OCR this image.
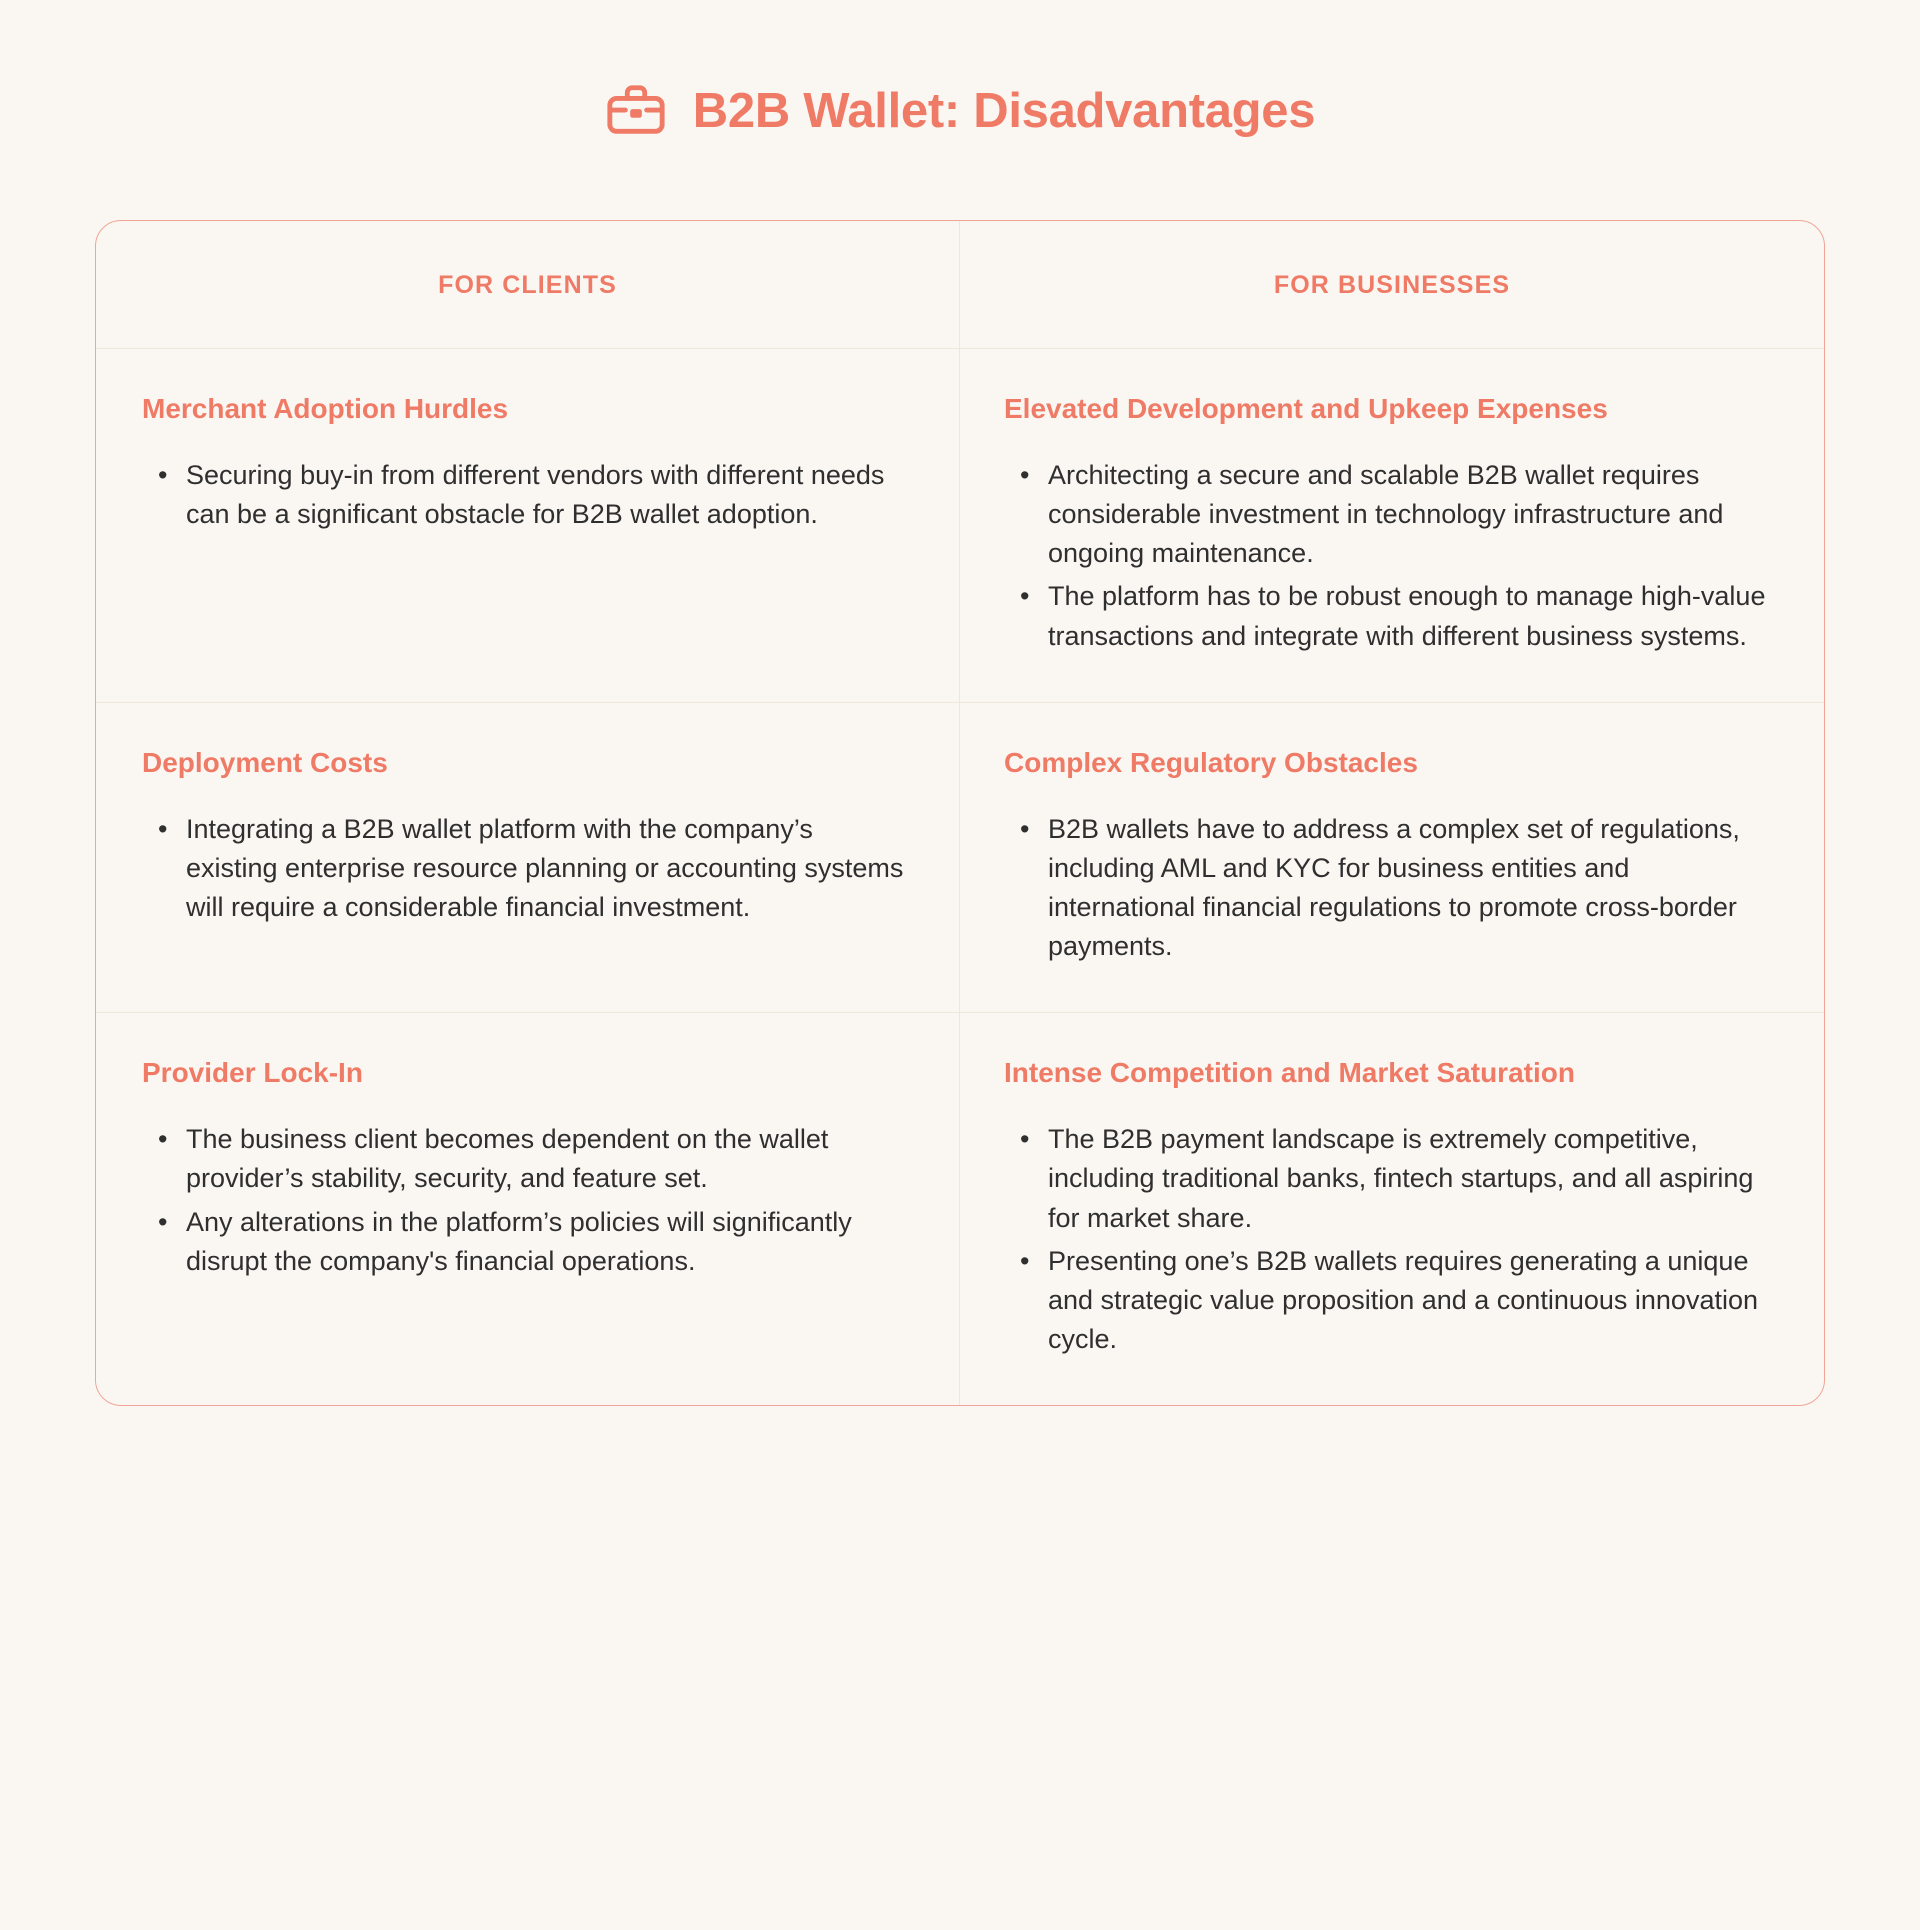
B2B Wallet: Disadvantages
FOR CLIENTS	FOR BUSINESSES
Merchant Adoption Hurdles
• Securing buy-in from different vendors with different needs can be a significant obstacle for B2B wallet adoption.
Elevated Development and Upkeep Expenses
• Architecting a secure and scalable B2B wallet requires considerable investment in technology infrastructure and ongoing maintenance.
• The platform has to be robust enough to manage high-value transactions and integrate with different business systems.
Deployment Costs
• Integrating a B2B wallet platform with the company’s existing enterprise resource planning or accounting systems will require a considerable financial investment.
Complex Regulatory Obstacles
• B2B wallets have to address a complex set of regulations, including AML and KYC for business entities and international financial regulations to promote cross-border payments.
Provider Lock-In
• The business client becomes dependent on the wallet provider’s stability, security, and feature set.
• Any alterations in the platform’s policies will significantly disrupt the company's financial operations.
Intense Competition and Market Saturation
• The B2B payment landscape is extremely competitive, including traditional banks, fintech startups, and all aspiring for market share.
• Presenting one’s B2B wallets requires generating a unique and strategic value proposition and a continuous innovation cycle.
